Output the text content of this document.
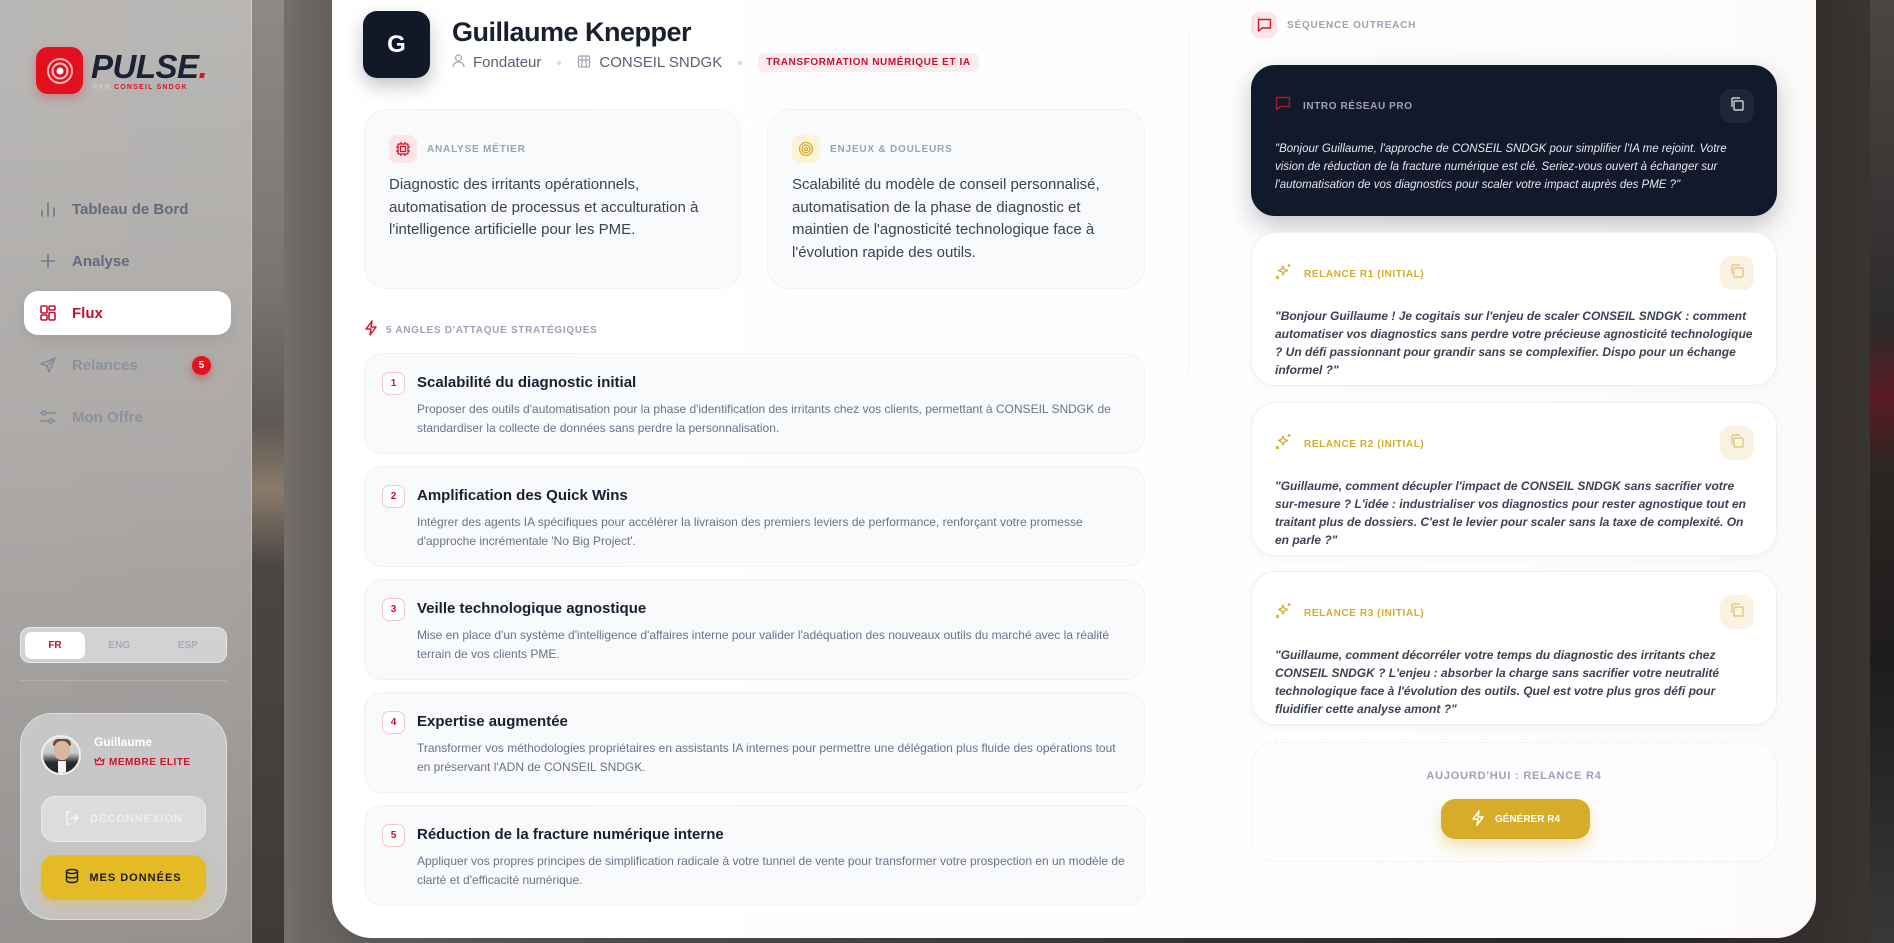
PULSE.
PAR CONSEIL SNDGK
Tableau de Bord
Analyse
Flux
Relances	5
Mon Offre
FR	ENG	ESP
Guillaume
MEMBRE ELITE
DÉCONNEXION
MES DONNÉES
G	Guillaume Knepper
Fondateur	CONSEIL SNDGK	TRANSFORMATION NUMÉRIQUE ET IA
ANALYSE MÉTIER
Diagnostic des irritants opérationnels, automatisation de processus et acculturation à l'intelligence artificielle pour les PME.
ENJEUX & DOULEURS
Scalabilité du modèle de conseil personnalisé, automatisation de la phase de diagnostic et maintien de l'agnosticité technologique face à l'évolution rapide des outils.
5 ANGLES D'ATTAQUE STRATÉGIQUES
1	Scalabilité du diagnostic initial
Proposer des outils d'automatisation pour la phase d'identification des irritants chez vos clients, permettant à CONSEIL SNDGK de standardiser la collecte de données sans perdre la personnalisation.
2	Amplification des Quick Wins
Intégrer des agents IA spécifiques pour accélérer la livraison des premiers leviers de performance, renforçant votre promesse d'approche incrémentale 'No Big Project'.
3	Veille technologique agnostique
Mise en place d'un système d'intelligence d'affaires interne pour valider l'adéquation des nouveaux outils du marché avec la réalité terrain de vos clients PME.
4	Expertise augmentée
Transformer vos méthodologies propriétaires en assistants IA internes pour permettre une délégation plus fluide des opérations tout en préservant l'ADN de CONSEIL SNDGK.
5	Réduction de la fracture numérique interne
Appliquer vos propres principes de simplification radicale à votre tunnel de vente pour transformer votre prospection en un modèle de clarté et d'efficacité numérique.
SÉQUENCE OUTREACH
INTRO RÉSEAU PRO
"Bonjour Guillaume, l'approche de CONSEIL SNDGK pour simplifier l'IA me rejoint. Votre vision de réduction de la fracture numérique est clé. Seriez-vous ouvert à échanger sur l'automatisation de vos diagnostics pour scaler votre impact auprès des PME ?"
RELANCE R1 (INITIAL)
"Bonjour Guillaume ! Je cogitais sur l'enjeu de scaler CONSEIL SNDGK : comment automatiser vos diagnostics sans perdre votre précieuse agnosticité technologique ? Un défi passionnant pour grandir sans se complexifier. Dispo pour un échange informel ?"
RELANCE R2 (INITIAL)
"Guillaume, comment décupler l'impact de CONSEIL SNDGK sans sacrifier votre sur-mesure ? L'idée : industrialiser vos diagnostics pour rester agnostique tout en traitant plus de dossiers. C'est le levier pour scaler sans la taxe de complexité. On en parle ?"
RELANCE R3 (INITIAL)
"Guillaume, comment décorréler votre temps du diagnostic des irritants chez CONSEIL SNDGK ? L'enjeu : absorber la charge sans sacrifier votre neutralité technologique face à l'évolution des outils. Quel est votre plus gros défi pour fluidifier cette analyse amont ?"
AUJOURD'HUI : RELANCE R4
GÉNÉRER R4
